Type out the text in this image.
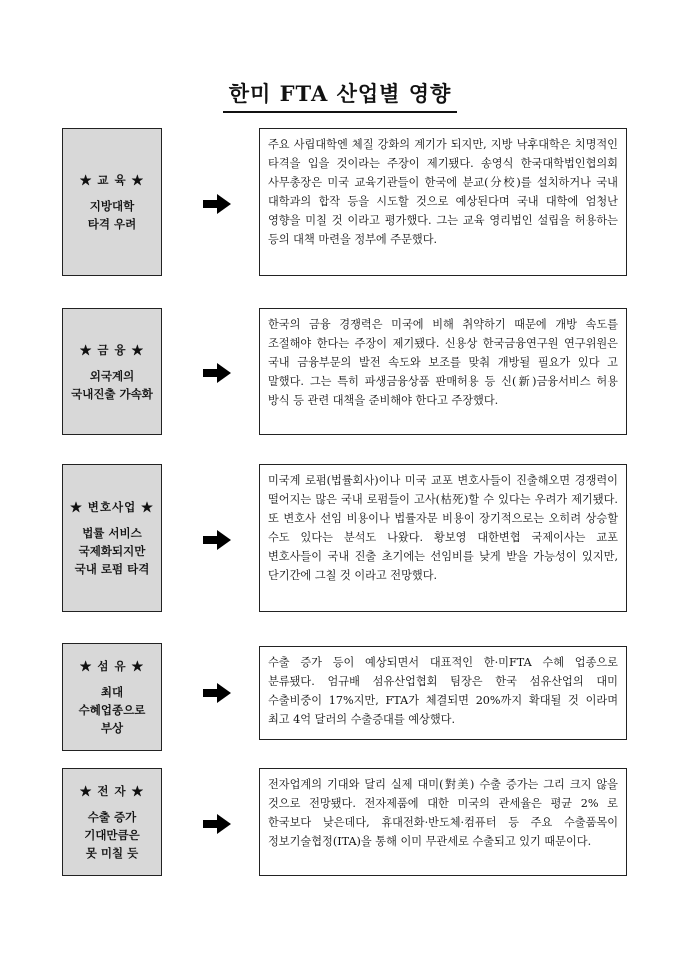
한미 FTA 산업별 영향
★ 교 육 ★
지방대학
타격 우려
주요 사립대학엔 체질 강화의 계기가 되지만, 지방 낙후대학은 치명적인 타격을 입을 것이라는 주장이 제기됐다. 송영식 한국대학법인협의회 사무총장은 미국 교육기관들이 한국에 분교(分校)를 설치하거나 국내 대학과의 합작 등을 시도할 것으로 예상된다며 국내 대학에 엄청난 영향을 미칠 것 이라고 평가했다. 그는 교육 영리법인 설립을 허용하는 등의 대책 마련을 정부에 주문했다.
★ 금 융 ★
외국계의
국내진출 가속화
한국의 금융 경쟁력은 미국에 비해 취약하기 때문에 개방 속도를 조절해야 한다는 주장이 제기됐다. 신용상 한국금융연구원 연구위원은 국내 금융부문의 발전 속도와 보조를 맞춰 개방될 필요가 있다 고 말했다. 그는 특히 파생금융상품 판매허용 등 신(新)금융서비스 허용 방식 등 관련 대책을 준비해야 한다고 주장했다.
★ 변호사업 ★
법률 서비스
국제화되지만
국내 로펌 타격
미국계 로펌(법률회사)이나 미국 교포 변호사들이 진출해오면 경쟁력이 떨어지는 많은 국내 로펌들이 고사(枯死)할 수 있다는 우려가 제기됐다. 또 변호사 선임 비용이나 법률자문 비용이 장기적으로는 오히려 상승할 수도 있다는 분석도 나왔다. 황보영 대한변협 국제이사는 교포 변호사들이 국내 진출 초기에는 선임비를 낮게 받을 가능성이 있지만, 단기간에 그칠 것 이라고 전망했다.
★ 섬 유 ★
최대
수혜업종으로
부상
수출 증가 등이 예상되면서 대표적인 한·미FTA 수혜 업종으로 분류됐다. 엄규배 섬유산업협회 팀장은 한국 섬유산업의 대미 수출비중이 17%지만, FTA가 체결되면 20%까지 확대될 것 이라며 최고 4억 달러의 수출증대를 예상했다.
★ 전 자 ★
수출 증가
기대만큼은
못 미칠 듯
전자업계의 기대와 달리 실제 대미(對美) 수출 증가는 그리 크지 않을 것으로 전망됐다. 전자제품에 대한 미국의 관세율은 평균 2% 로 한국보다 낮은데다, 휴대전화·반도체·컴퓨터 등 주요 수출품목이 정보기술협정(ITA)을 통해 이미 무관세로 수출되고 있기 때문이다.
